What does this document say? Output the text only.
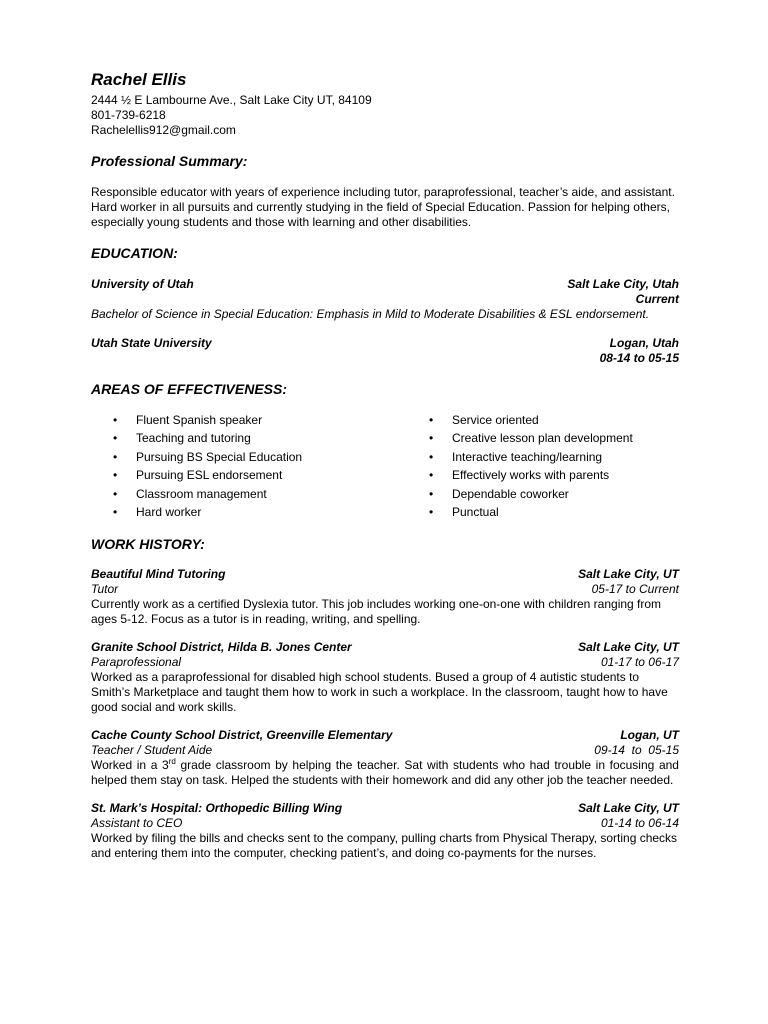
Rachel Ellis
2444 ½ E Lambourne Ave., Salt Lake City UT, 84109
801-739-6218
Rachelellis912@gmail.com
Professional Summary:

Responsible educator with years of experience including tutor, paraprofessional, teacher’s aide, and assistant. Hard worker in all pursuits and currently studying in the field of Special Education. Passion for helping others, especially young students and those with learning and other disabilities.

EDUCATION:
University of Utah	Salt Lake City, Utah
Current
Bachelor of Science in Special Education: Emphasis in Mild to Moderate Disabilities & ESL endorsement.
Utah State University	Logan, Utah
08-14 to 05-15
AREAS OF EFFECTIVENESS:
• Fluent Spanish speaker
• Teaching and tutoring
• Pursuing BS Special Education
• Pursuing ESL endorsement
• Classroom management
• Hard worker
• Service oriented
• Creative lesson plan development
• Interactive teaching/learning
• Effectively works with parents
• Dependable coworker
• Punctual
WORK HISTORY:
Beautiful Mind Tutoring	Salt Lake City, UT
Tutor	05-17 to Current

Currently work as a certified Dyslexia tutor. This job includes working one-on-one with children ranging from ages 5-12. Focus as a tutor is in reading, writing, and spelling.

Granite School District, Hilda B. Jones Center	Salt Lake City, UT
Paraprofessional	01-17 to 06-17

Worked as a paraprofessional for disabled high school students. Bused a group of 4 autistic students to Smith’s Marketplace and taught them how to work in such a workplace. In the classroom, taught how to have good social and work skills.

Cache County School District, Greenville Elementary	Logan, UT
Teacher / Student Aide	09-14  to  05-15

Worked in a 3rd grade classroom by helping the teacher. Sat with students who had trouble in focusing and helped them stay on task. Helped the students with their homework and did any other job the teacher needed.

St. Mark’s Hospital: Orthopedic Billing Wing	Salt Lake City, UT
Assistant to CEO	01-14 to 06-14

Worked by filing the bills and checks sent to the company, pulling charts from Physical Therapy, sorting checks and entering them into the computer, checking patient’s, and doing co-payments for the nurses.
